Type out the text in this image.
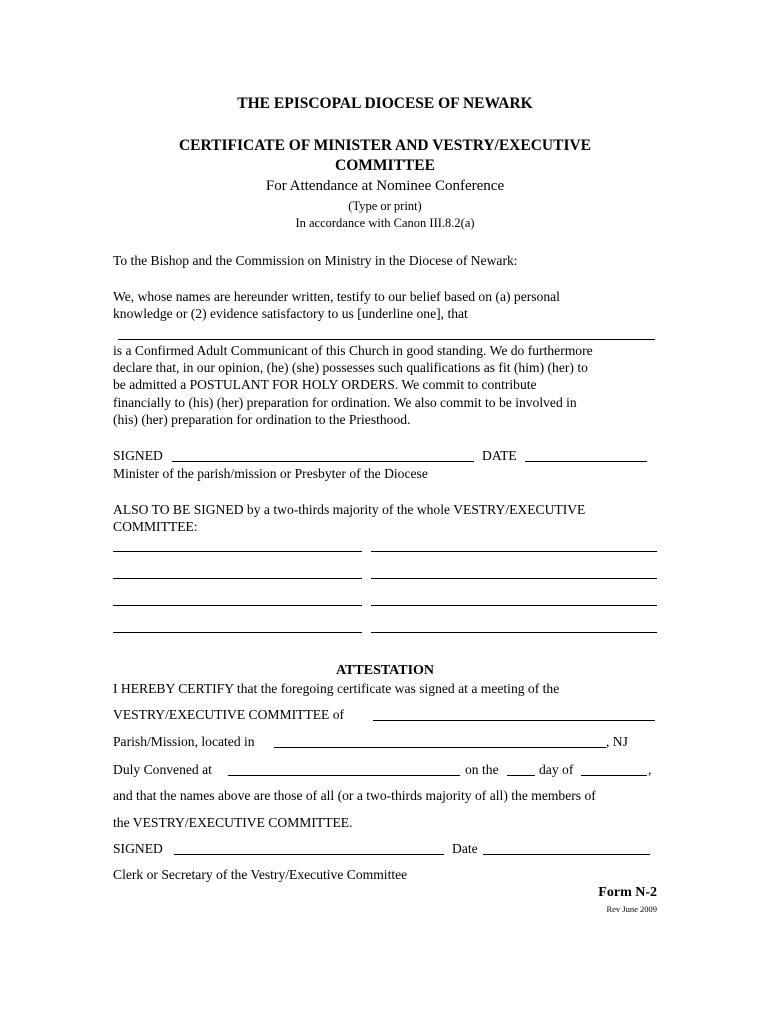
THE EPISCOPAL DIOCESE OF NEWARK
CERTIFICATE OF MINISTER AND VESTRY/EXECUTIVE
COMMITTEE
For Attendance at Nominee Conference
(Type or print)
In accordance with Canon III.8.2(a)
To the Bishop and the Commission on Ministry in the Diocese of Newark:
We, whose names are hereunder written, testify to our belief based on (a) personal
knowledge or (2) evidence satisfactory to us [underline one], that
is a Confirmed Adult Communicant of this Church in good standing. We do furthermore
declare that, in our opinion, (he) (she) possesses such qualifications as fit (him) (her) to
be admitted a POSTULANT FOR HOLY ORDERS. We commit to contribute
financially to (his) (her) preparation for ordination. We also commit to be involved in
(his) (her) preparation for ordination to the Priesthood.
SIGNED	DATE
Minister of the parish/mission or Presbyter of the Diocese
ALSO TO BE SIGNED by a two-thirds majority of the whole VESTRY/EXECUTIVE
COMMITTEE:
ATTESTATION
I HEREBY CERTIFY that the foregoing certificate was signed at a meeting of the
VESTRY/EXECUTIVE COMMITTEE of
Parish/Mission, located in	, NJ
Duly Convened at	on the	day of	,
and that the names above are those of all (or a two-thirds majority of all) the members of
the VESTRY/EXECUTIVE COMMITTEE.
SIGNED	Date
Clerk or Secretary of the Vestry/Executive Committee
Form N-2
Rev June 2009
